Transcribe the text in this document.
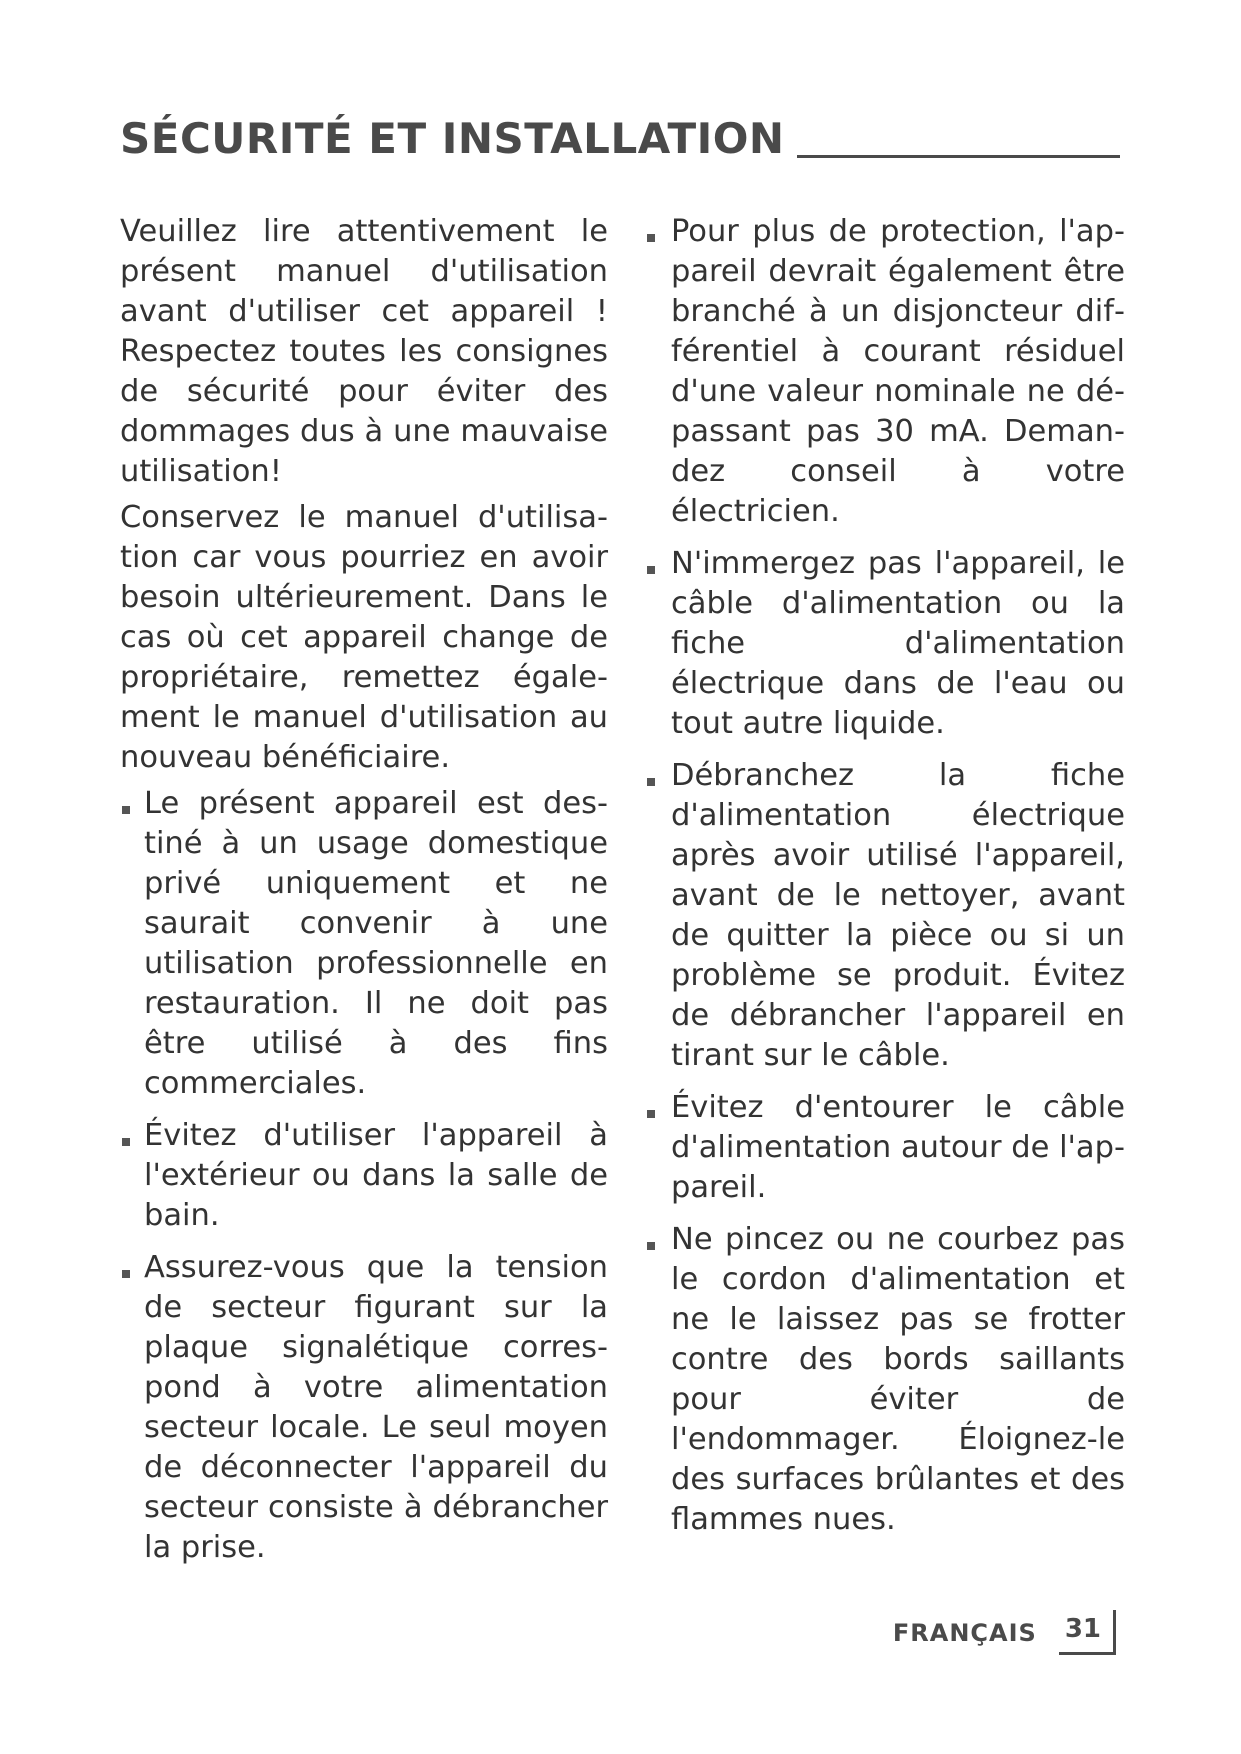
SÉCURITÉ ET INSTALLATION

Veuillez lire attentivement le présent manuel d'utilisation avant d'utiliser cet appareil ! Respectez toutes les consignes de sécurité pour éviter des dommages dus à une mauvaise utilisation!

Conservez le manuel d'utilisation car vous pourriez en avoir besoin ultérieurement. Dans le cas où cet appareil change de propriétaire, remettez également le manuel d'utilisation au nouveau bénéficiaire.

Le présent appareil est destiné à un usage domestique privé uniquement et ne saurait convenir à une utilisation professionnelle en restauration. Il ne doit pas être utilisé à des fins commerciales.
Évitez d'utiliser l'appareil à l'extérieur ou dans la salle de bain.
Assurez-vous que la tension de secteur figurant sur la plaque signalétique correspond à votre alimentation secteur locale. Le seul moyen de déconnecter l'appareil du secteur consiste à débrancher la prise.
Pour plus de protection, l'appareil devrait également être branché à un disjoncteur différentiel à courant résiduel d'une valeur nominale ne dépassant pas 30 mA. Demandez conseil à votre électricien.
N'immergez pas l'appareil, le câble d'alimentation ou la fiche d'alimentation électrique dans de l'eau ou tout autre liquide.
Débranchez la fiche d'alimentation électrique après avoir utilisé l'appareil, avant de le nettoyer, avant de quitter la pièce ou si un problème se produit. Évitez de débrancher l'appareil en tirant sur le câble.
Évitez d'entourer le câble d'alimentation autour de l'appareil.
Ne pincez ou ne courbez pas le cordon d'alimentation et ne le laissez pas se frotter contre des bords saillants pour éviter de l'endommager. Éloignez-le des surfaces brûlantes et des flammes nues.
FRANÇAIS 31
